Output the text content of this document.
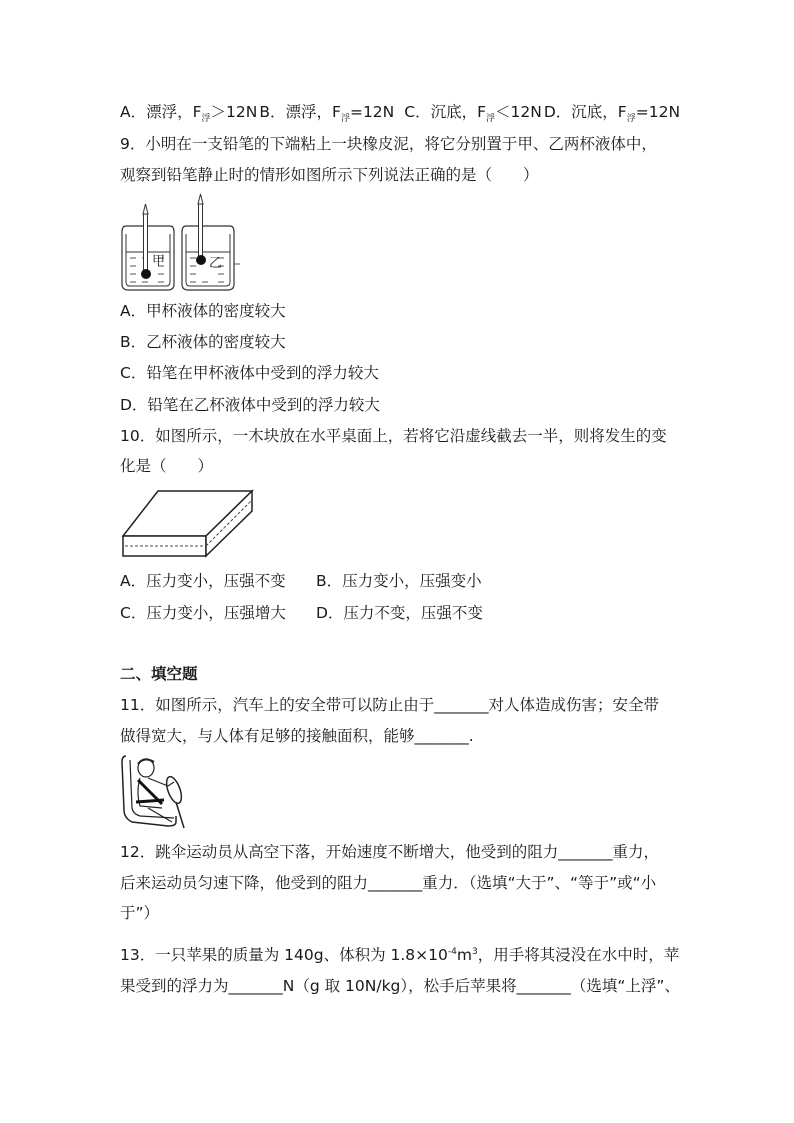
A．漂浮，$F_浮>12N$ B．漂浮，$F_浮=12N$ C．沉底，$F_浮<12N$ D．沉底，$F_浮=12N$
9．小明在一支铅笔的下端粘上一块橡皮泥，将它分别置于甲、乙两杯液体中，
观察到铅笔静止时的情形如图所示下列说法正确的是（　　）
甲	乙
A．甲杯液体的密度较大
B．乙杯液体的密度较大
C．铅笔在甲杯液体中受到的浮力较大
D．铅笔在乙杯液体中受到的浮力较大
10．如图所示，一木块放在水平桌面上，若将它沿虚线截去一半，则将发生的变
化是（　　）
A．压力变小，压强不变 B．压力变小，压强变小
C．压力变小，压强增大 D．压力不变，压强不变
二、填空题
11．如图所示，汽车上的安全带可以防止由于_______对人体造成伤害；安全带
做得宽大，与人体有足够的接触面积，能够_______.
12．跳伞运动员从高空下落，开始速度不断增大，他受到的阻力_______重力，
后来运动员匀速下降，他受到的阻力_______重力．（选填“大于”、“等于”或“小
于”）
13．一只苹果的质量为 140g、体积为 $1.8\times 10^{-4}m^3$，用手将其浸没在水中时，苹
果受到的浮力为_______N（g 取 10N/kg），松手后苹果将_______（选填“上浮”、
